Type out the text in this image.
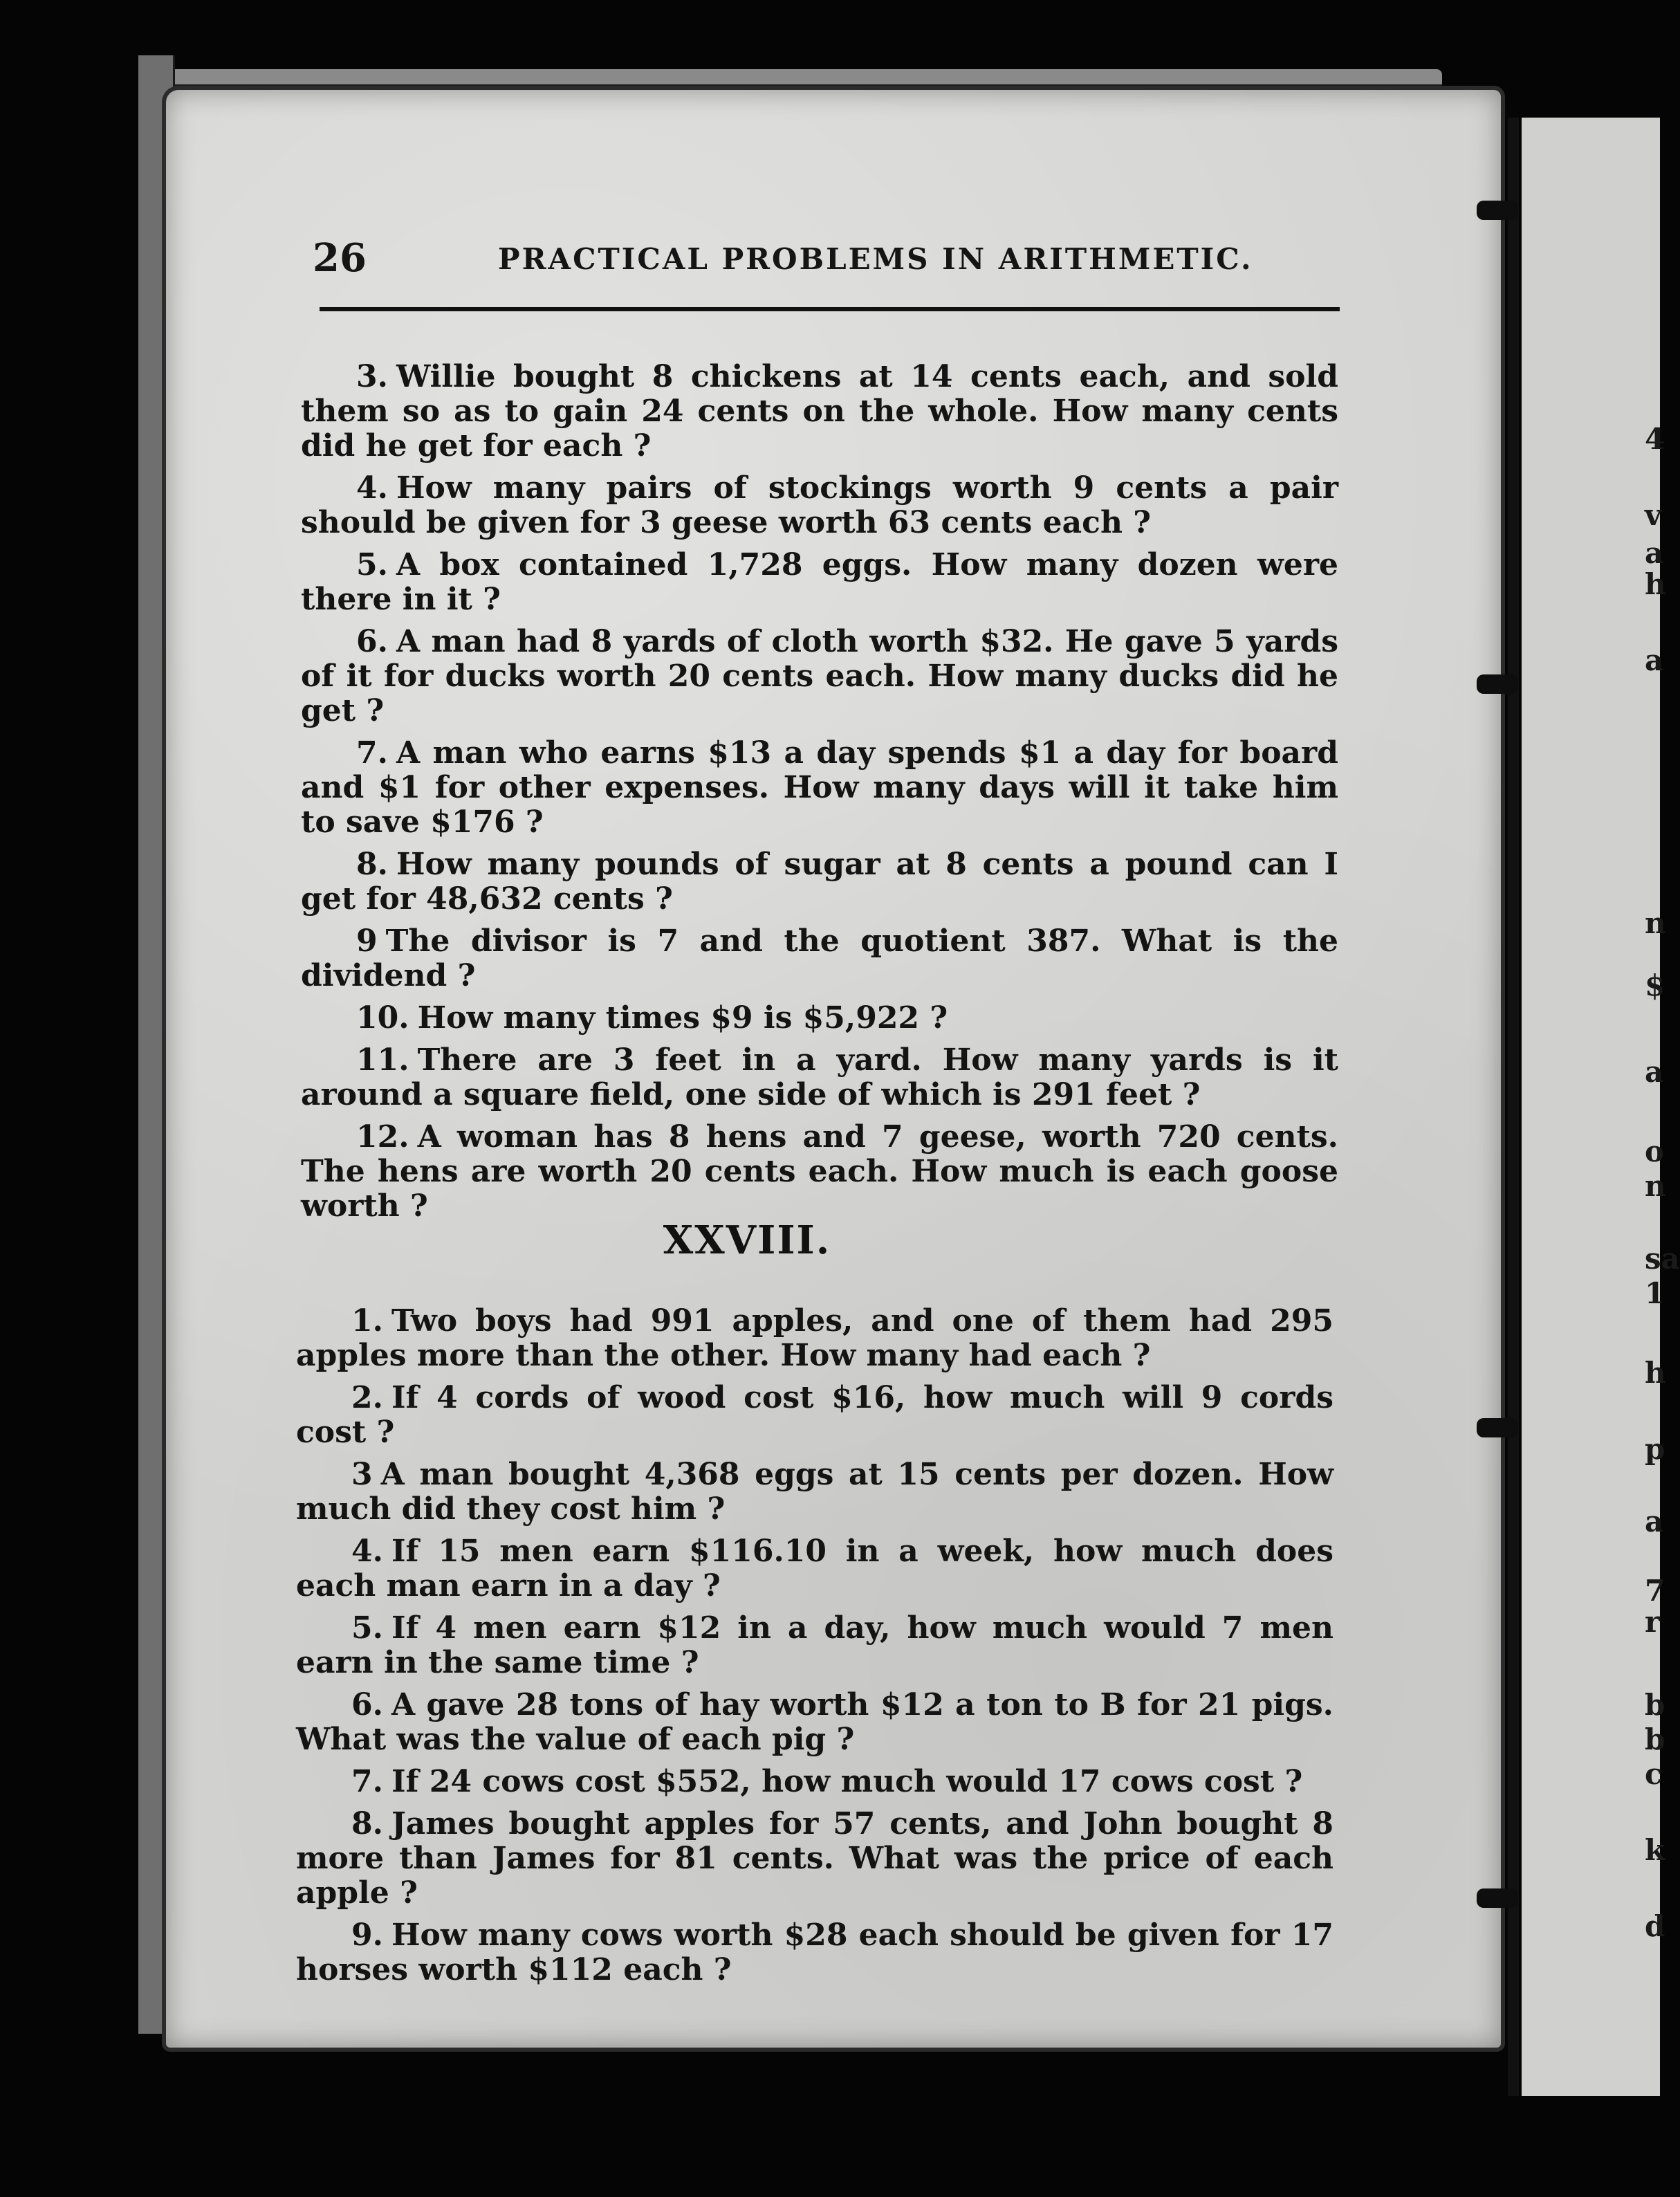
4
v
a
h
a
n
$
a
o
n
sa
1
h
p
a
7
r
b
b
c
k
d
26	PRACTICAL PROBLEMS IN ARITHMETIC.

3. Willie bought 8 chickens at 14 cents each, and sold them so as to gain 24 cents on the whole. How many cents did he get for each ?

4. How many pairs of stockings worth 9 cents a pair should be given for 3 geese worth 63 cents each ?

5. A box contained 1,728 eggs. How many dozen were there in it ?

6. A man had 8 yards of cloth worth $32. He gave 5 yards of it for ducks worth 20 cents each. How many ducks did he get ?

7. A man who earns $13 a day spends $1 a day for board and $1 for other expenses. How many days will it take him to save $176 ?

8. How many pounds of sugar at 8 cents a pound can I get for 48,632 cents ?

9 The divisor is 7 and the quotient 387. What is the dividend ?

10. How many times $9 is $5,922 ?

11. There are 3 feet in a yard. How many yards is it around a square field, one side of which is 291 feet ?

12. A woman has 8 hens and 7 geese, worth 720 cents. The hens are worth 20 cents each. How much is each goose worth ?

XXVIII.

1. Two boys had 991 apples, and one of them had 295 apples more than the other. How many had each ?

2. If 4 cords of wood cost $16, how much will 9 cords cost ?

3 A man bought 4,368 eggs at 15 cents per dozen. How much did they cost him ?

4. If 15 men earn $116.10 in a week, how much does each man earn in a day ?

5. If 4 men earn $12 in a day, how much would 7 men earn in the same time ?

6. A gave 28 tons of hay worth $12 a ton to B for 21 pigs. What was the value of each pig ?

7. If 24 cows cost $552, how much would 17 cows cost ?

8. James bought apples for 57 cents, and John bought 8 more than James for 81 cents. What was the price of each apple ?

9. How many cows worth $28 each should be given for 17 horses worth $112 each ?
